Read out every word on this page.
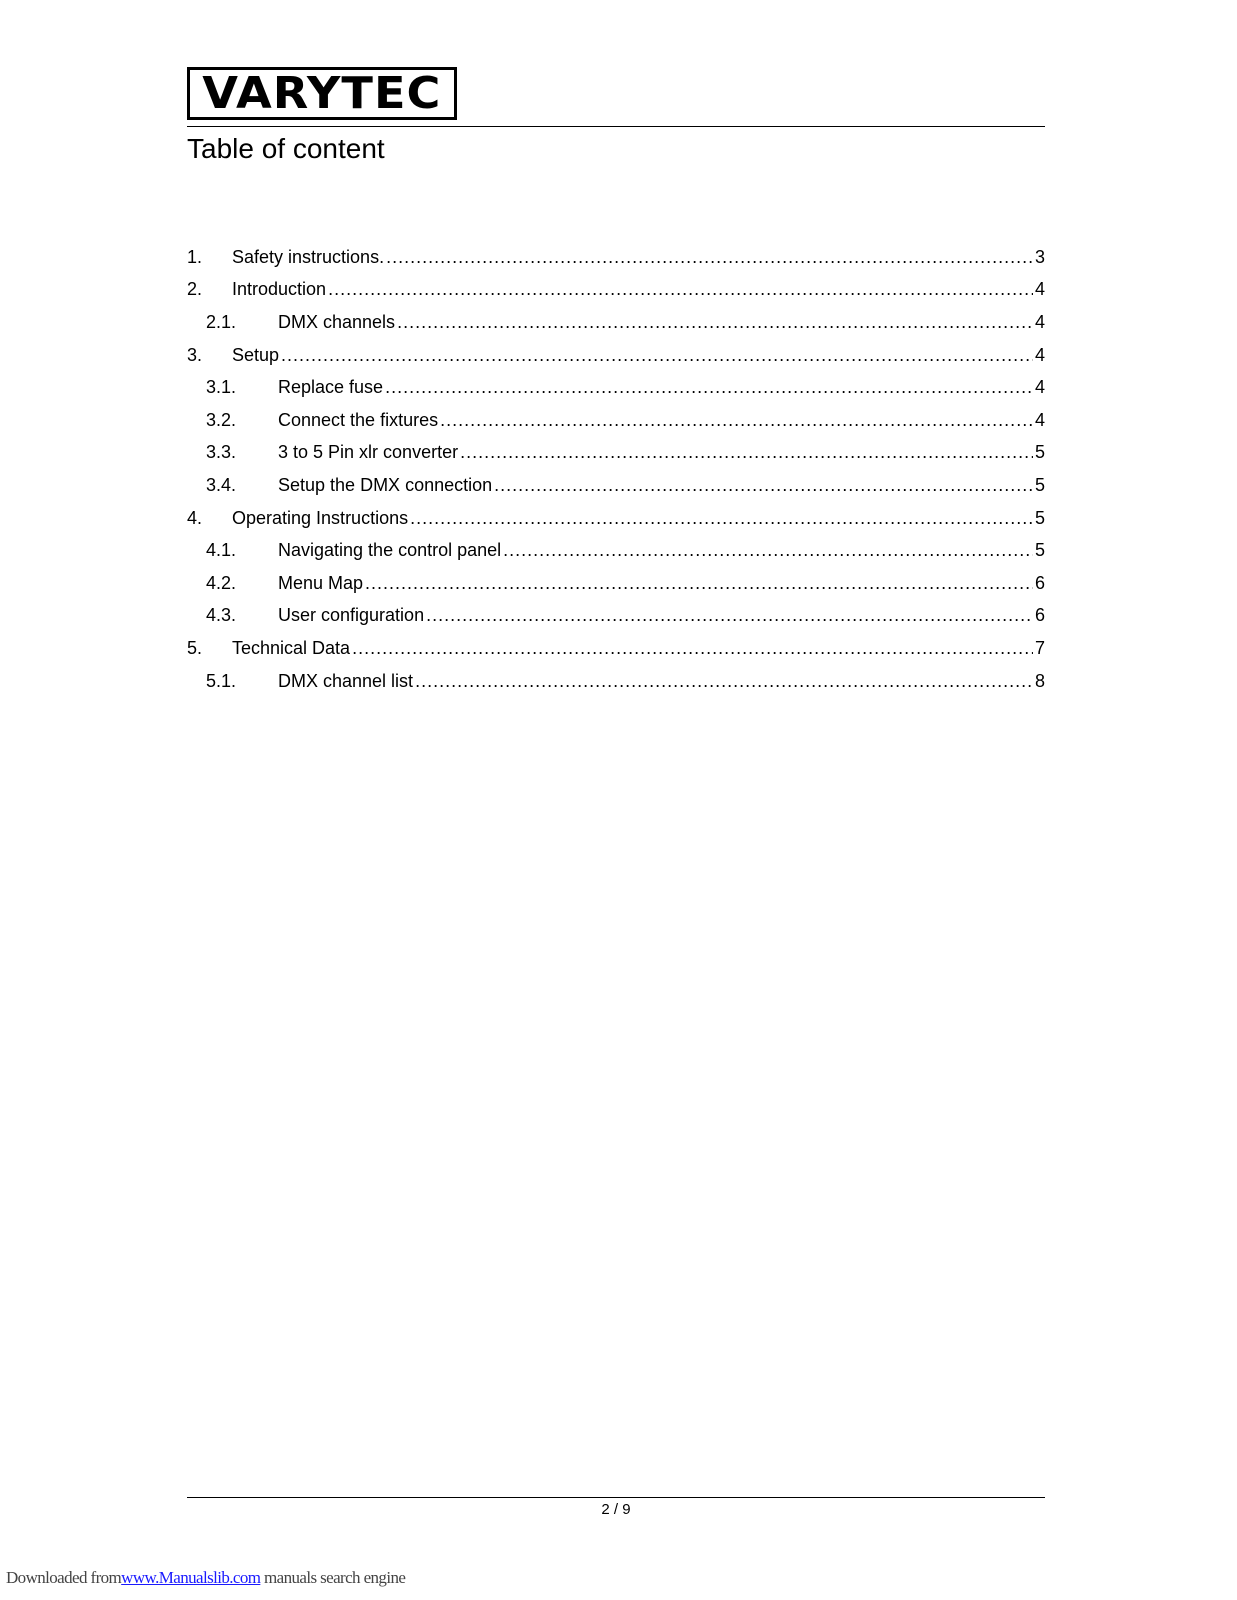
VARYTEC
Table of content
1. Safety instructions. .....	3
2. Introduction .....	4
2.1. DMX channels .....	4
3. Setup .....	4
3.1. Replace fuse .....	4
3.2. Connect the fixtures .....	4
3.3. 3 to 5 Pin xlr converter .....	5
3.4. Setup the DMX connection .....	5
4. Operating Instructions .....	5
4.1. Navigating the control panel .....	5
4.2. Menu Map .....	6
4.3. User configuration .....	6
5. Technical Data .....	7
5.1. DMX channel list .....	8
2 / 9
Downloaded fromwww.Manualslib.com manuals search engine
